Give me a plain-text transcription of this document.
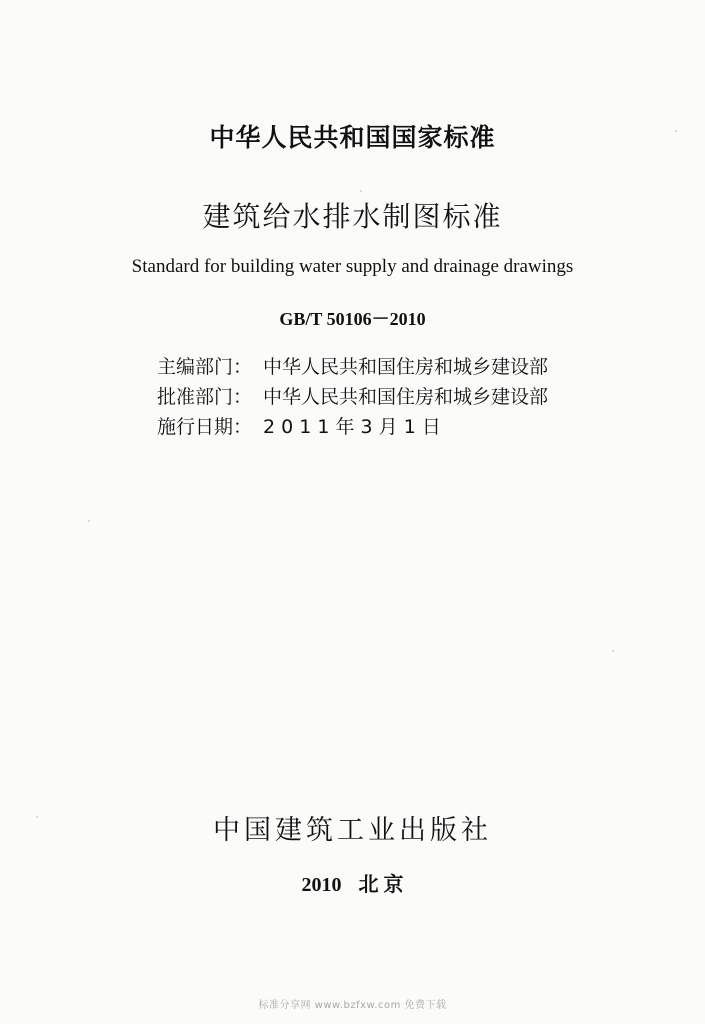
中华人民共和国国家标准
建筑给水排水制图标准
Standard for building water supply and drainage drawings
GB/T 50106－2010
主编部门： 中华人民共和国住房和城乡建设部
批准部门： 中华人民共和国住房和城乡建设部
施行日期： 2 0 1 1 年 3 月 1 日
中国建筑工业出版社
2010 北 京
标准分享网 www.bzfxw.com 免费下载
